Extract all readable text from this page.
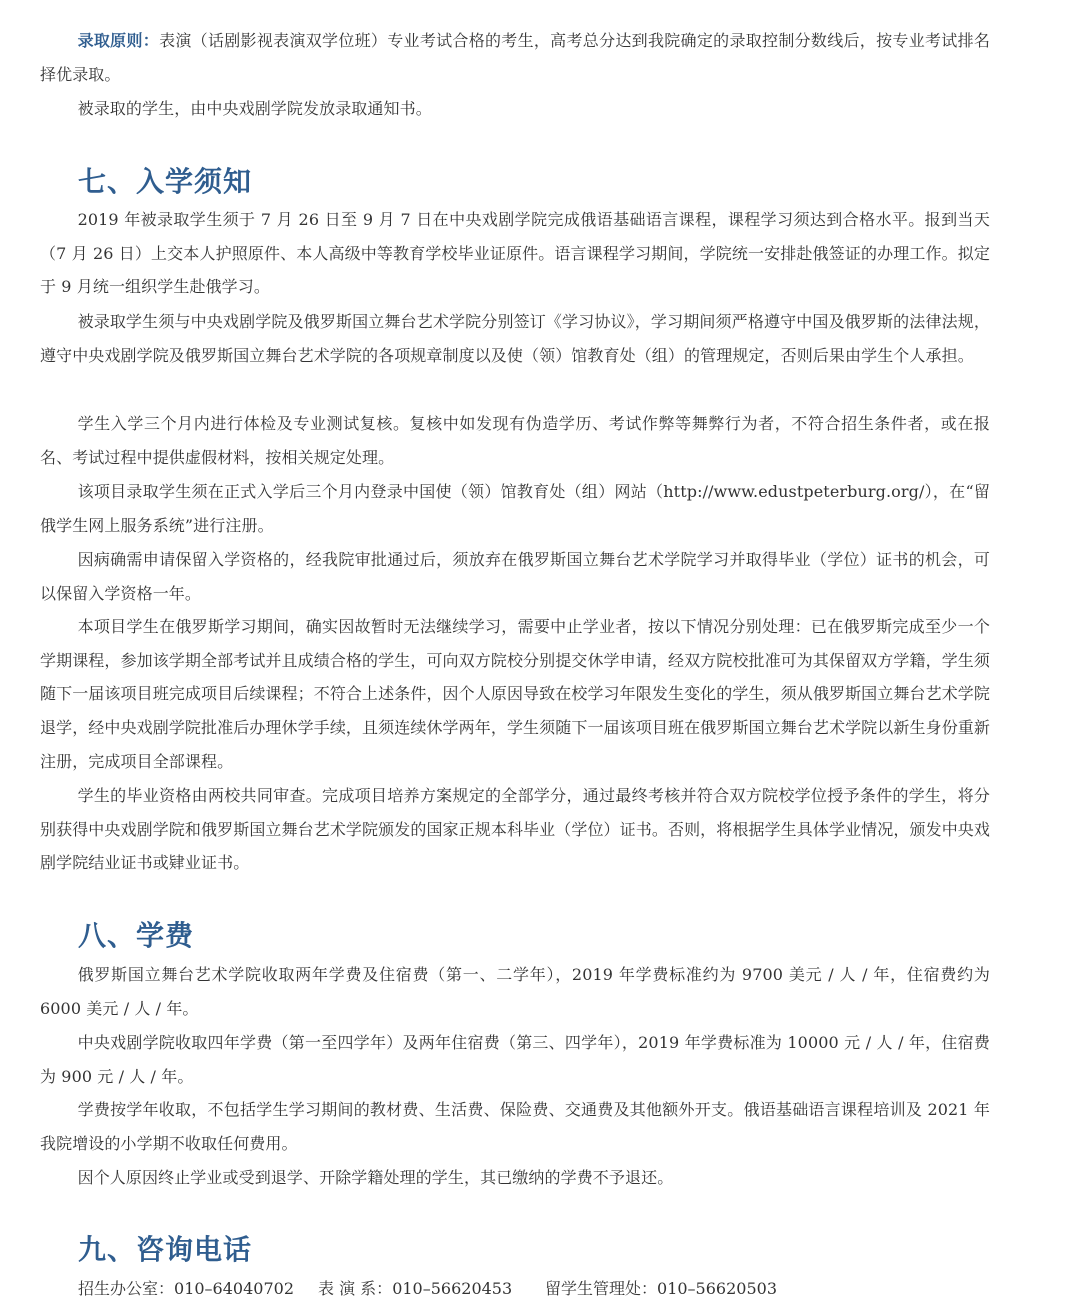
录取原则：表演（话剧影视表演双学位班）专业考试合格的考生，高考总分达到我院确定的录取控制分数线后，按专业考试排名择优录取。

被录取的学生，由中央戏剧学院发放录取通知书。

七、入学须知

2019 年被录取学生须于 7 月 26 日至 9 月 7 日在中央戏剧学院完成俄语基础语言课程，课程学习须达到合格水平。报到当天（7 月 26 日）上交本人护照原件、本人高级中等教育学校毕业证原件。语言课程学习期间，学院统一安排赴俄签证的办理工作。拟定于 9 月统一组织学生赴俄学习。

被录取学生须与中央戏剧学院及俄罗斯国立舞台艺术学院分别签订《学习协议》，学习期间须严格遵守中国及俄罗斯的法律法规，遵守中央戏剧学院及俄罗斯国立舞台艺术学院的各项规章制度以及使（领）馆教育处（组）的管理规定，否则后果由学生个人承担。

学生入学三个月内进行体检及专业测试复核。复核中如发现有伪造学历、考试作弊等舞弊行为者，不符合招生条件者，或在报名、考试过程中提供虚假材料，按相关规定处理。

该项目录取学生须在正式入学后三个月内登录中国使（领）馆教育处（组）网站（http://www.edustpeterburg.org/），在“留俄学生网上服务系统”进行注册。

因病确需申请保留入学资格的，经我院审批通过后，须放弃在俄罗斯国立舞台艺术学院学习并取得毕业（学位）证书的机会，可以保留入学资格一年。

本项目学生在俄罗斯学习期间，确实因故暂时无法继续学习，需要中止学业者，按以下情况分别处理：已在俄罗斯完成至少一个学期课程，参加该学期全部考试并且成绩合格的学生，可向双方院校分别提交休学申请，经双方院校批准可为其保留双方学籍，学生须随下一届该项目班完成项目后续课程；不符合上述条件，因个人原因导致在校学习年限发生变化的学生，须从俄罗斯国立舞台艺术学院退学，经中央戏剧学院批准后办理休学手续，且须连续休学两年，学生须随下一届该项目班在俄罗斯国立舞台艺术学院以新生身份重新注册，完成项目全部课程。

学生的毕业资格由两校共同审查。完成项目培养方案规定的全部学分，通过最终考核并符合双方院校学位授予条件的学生，将分别获得中央戏剧学院和俄罗斯国立舞台艺术学院颁发的国家正规本科毕业（学位）证书。否则，将根据学生具体学业情况，颁发中央戏剧学院结业证书或肄业证书。

八、学费

俄罗斯国立舞台艺术学院收取两年学费及住宿费（第一、二学年），2019 年学费标准约为 9700 美元 / 人 / 年，住宿费约为 6000 美元 / 人 / 年。

中央戏剧学院收取四年学费（第一至四学年）及两年住宿费（第三、四学年），2019 年学费标准为 10000 元 / 人 / 年，住宿费为 900 元 / 人 / 年。

学费按学年收取，不包括学生学习期间的教材费、生活费、保险费、交通费及其他额外开支。俄语基础语言课程培训及 2021 年我院增设的小学期不收取任何费用。

因个人原因终止学业或受到退学、开除学籍处理的学生，其已缴纳的学费不予退还。

九、咨询电话
招生办公室：010–64040702 表 演 系：010–56620453 留学生管理处：010–56620503
